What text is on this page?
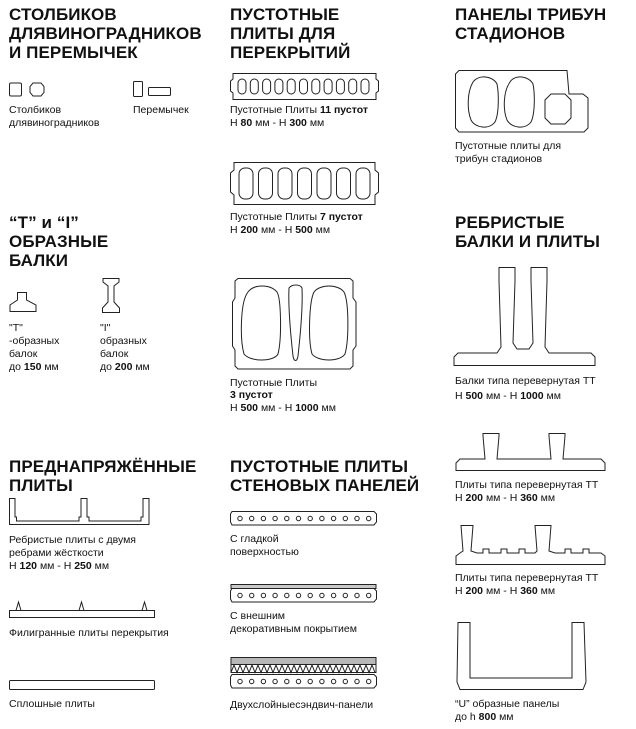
СТОЛБИКОВ
ДЛЯВИНОГРАДНИКОВ
И ПЕРЕМЫЧЕК
Столбиков
длявиноградников
Перемычек
“T” и “I”
ОБРАЗНЫЕ
БАЛКИ
"T"
-образных
балок
до 150 мм
"I"
образных
балок
до 200 мм
ПРЕДНАПРЯЖЁННЫЕ
ПЛИТЫ
Ребристые плиты с двумя
ребрами жёсткости
H 120 мм - H 250 мм
Филигранные плиты перекрытия
Сплошные плиты
ПУСТОТНЫЕ
ПЛИТЫ ДЛЯ
ПЕРЕКРЫТИЙ
Пустотные Плиты 11 пустот
H 80 мм - H 300 мм
Пустотные Плиты 7 пустот
H 200 мм - H 500 мм
Пустотные Плиты
3 пустот
H 500 мм - H 1000 мм
ПУСТОТНЫЕ ПЛИТЫ
СТЕНОВЫХ ПАНЕЛЕЙ
С гладкой
поверхностью
С внешним
декоративным покрытием
Двухслойныесэндвич-панели
ПАНЕЛЫ ТРИБУН
СТАДИОНОВ
Пустотные плиты для
трибун стадионов
РЕБРИСТЫЕ
БАЛКИ И ПЛИТЫ
Балки типа перевернутая ТТ
H 500 мм - H 1000 мм
Плиты типа перевернутая ТТ
H 200 мм - H 360 мм
Плиты типа перевернутая ТТ
H 200 мм - H 360 мм
“U” образные панелы
до h 800 мм
